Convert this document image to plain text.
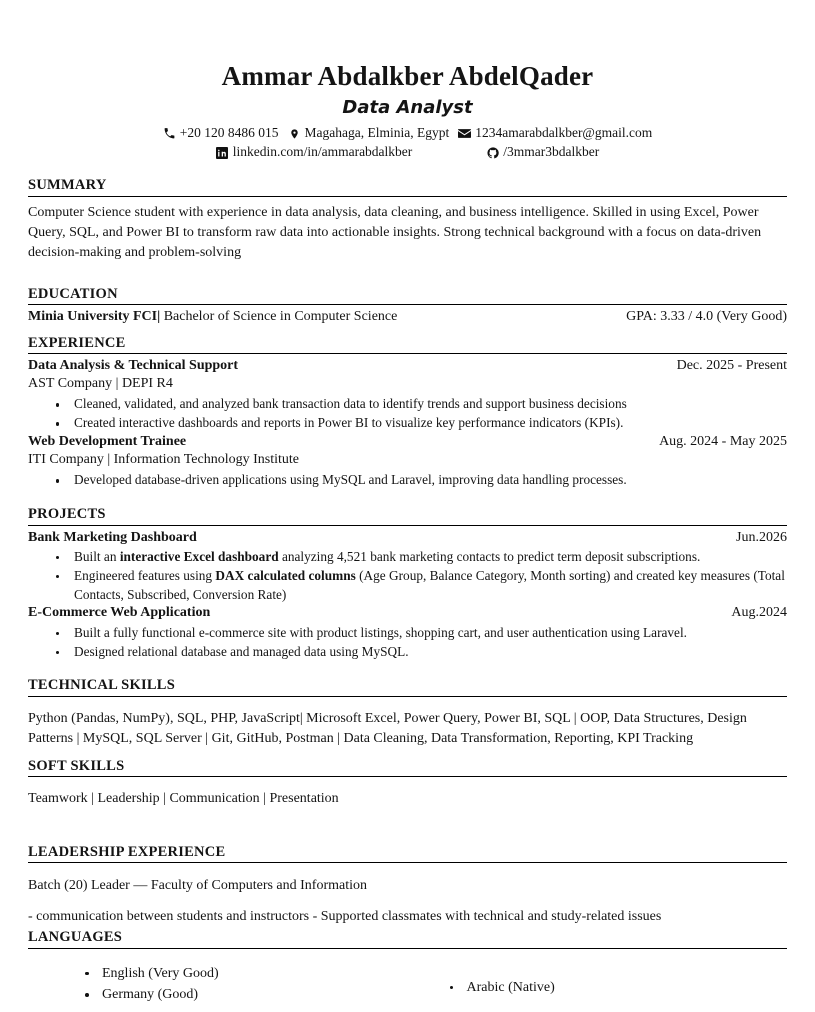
Ammar Abdalkber AbdelQader
Data Analyst
+20 120 8486 015 Magahaga, Elminia, Egypt 1234amarabdalkber@gmail.com
linkedin.com/in/ammarabdalkber	/3mmar3bdalkber
SUMMARY
Computer Science student with experience in data analysis, data cleaning, and business intelligence. Skilled in using Excel, Power Query, SQL, and Power BI to transform raw data into actionable insights. Strong technical background with a focus on data-driven decision-making and problem-solving
EDUCATION
Minia University FCI| Bachelor of Science in Computer Science	GPA: 3.33 / 4.0 (Very Good)
EXPERIENCE
Data Analysis & Technical Support	Dec. 2025 - Present
AST Company | DEPI R4
Cleaned, validated, and analyzed bank transaction data to identify trends and support business decisions
Created interactive dashboards and reports in Power BI to visualize key performance indicators (KPIs).
Web Development Trainee	Aug. 2024 - May 2025
ITI Company | Information Technology Institute
Developed database-driven applications using MySQL and Laravel, improving data handling processes.
PROJECTS
Bank Marketing Dashboard	Jun.2026
Built an interactive Excel dashboard analyzing 4,521 bank marketing contacts to predict term deposit subscriptions.
Engineered features using DAX calculated columns (Age Group, Balance Category, Month sorting) and created key measures (Total Contacts, Subscribed, Conversion Rate)
E-Commerce Web Application	Aug.2024
Built a fully functional e-commerce site with product listings, shopping cart, and user authentication using Laravel.
Designed relational database and managed data using MySQL.
TECHNICAL SKILLS
Python (Pandas, NumPy), SQL, PHP, JavaScript| Microsoft Excel, Power Query, Power BI, SQL | OOP, Data Structures, Design Patterns | MySQL, SQL Server | Git, GitHub, Postman | Data Cleaning, Data Transformation, Reporting, KPI Tracking
SOFT SKILLS
Teamwork | Leadership | Communication | Presentation
LEADERSHIP EXPERIENCE
Batch (20) Leader — Faculty of Computers and Information
- communication between students and instructors - Supported classmates with technical and study-related issues
LANGUAGES
English (Very Good)
Germany (Good)
Arabic (Native)
